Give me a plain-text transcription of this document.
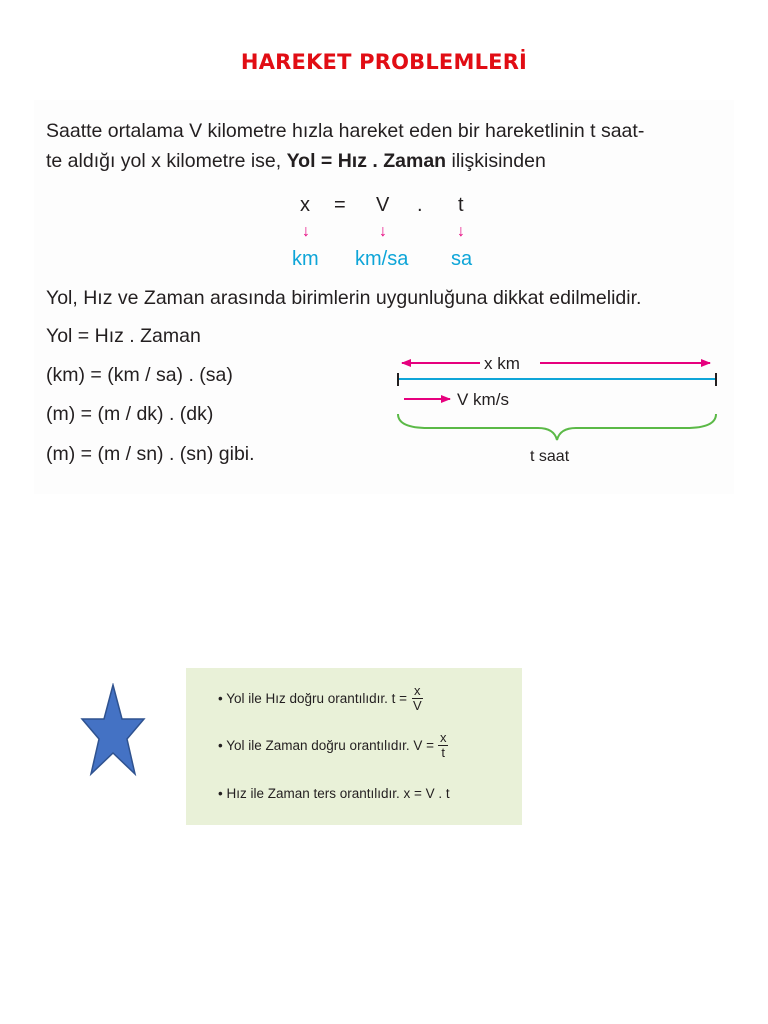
HAREKET PROBLEMLERİ

Saatte ortalama V kilometre hızla hareket eden bir hareketlinin t saat-
te aldığı yol x kilometre ise, Yol = Hız . Zaman ilişkisinden

x = V . t
↓	↓	↓
km km/sa sa

Yol, Hız ve Zaman arasında birimlerin uygunluğuna dikkat edilmelidir.

Yol = Hız . Zaman

(km) = (km / sa) . (sa)

(m) = (m / dk) . (dk)

(m) = (m / sn) . (sn) gibi.

x km
V km/s
t saat
• Yol ile Hız doğru orantılıdır. $t = \frac{x}{V}$
• Yol ile Zaman doğru orantılıdır. $V = \frac{x}{t}$
• Hız ile Zaman ters orantılıdır. x = V . t
